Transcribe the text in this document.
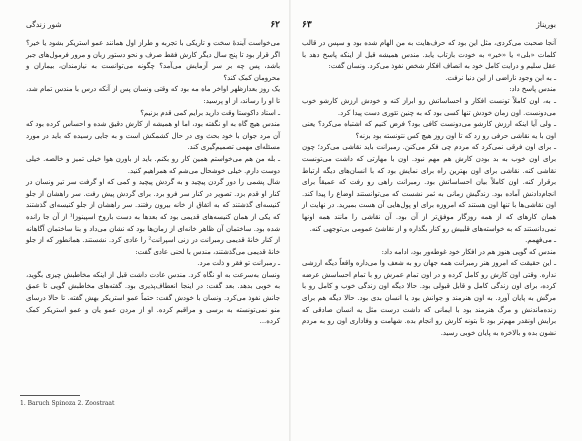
۶۲
شور زندگی

می‌خواست آیندهٔ سخت و تاریکی با تجربه و طراز اول همانند عمو استریکر بشود یا خیر؟ اگر قرار بود تا پنج سال دیگر کارش فقط صرف و نحو دستور زبان و مرور فرمول‌های جبر باشد، پس چه بر سر آزمایش می‌آمد؟ چگونه می‌توانست به نیازمندان، بیماران و محرومان کمک کند؟

یک روز بعدازظهر اواخر ماه مه بود که وقتی ونسان پس از آنکه درس با مندس تمام شد، تا او را رساند، از او پرسید:

ـ استاد داکوستا وقت دارید برایم کمی قدم بزنیم؟

مندس هیچ گاه به او نگفته بود، اما او همیشه از کارش دقیق شده و احساس کرده بود که آن مرد جوان با خود بحث وی در حال کشمکش است و به جایی رسیده که باید در مورد مسئله‌ای مهمی تصمیم‌گیری کند.

ـ بله من هم می‌خواستم همین کار رو بکنم. باید از باورن هوا خیلی تمیز و خالصه. خیلی دوست دارم. خیلی خوشحال می‌شم که همراهیم کنید.

شال پشمی را دور گردن پیچید و به گردش پیچید و کمی که او گرفت سر تیر ونسان در کنار او قدم بزد. تصویر در کنار سر فرو برد. برای گردش پیش رفت. سر راهشان از جلو کنیسه‌ای گذشتند که به اتفاق از خانه بیرون رفتند. سر راهشان از جلو کنیسه‌ای گذشتند که یکی از همان کنیسه‌های قدیمی بود که بعدها به دست باروخ اسپینوزا¹ از آن جا رانده شده بود. ساختمان آن ظاهر خانه‌ای از زمان‌ها بود که نشان می‌داد و بنا ساختمان آگاهانه از کنار خانهٔ قدیمی رمبرانت در زنی اسپرانت² را عادی کرد. نشستند. همانطور که از جلو خانهٔ قدیمی می‌گذشتند، مندس با لحنی عادی گفت:

ـ رمبرانت تو فقر و ذلت مرد.

ونسان به‌سرعت به او نگاه کرد. مندس عادت داشت قبل از اینکه مخاطبش چیزی بگوید، به خوبی بدهد. بعد گفت: در اینجا انعطاف‌پذیری بود. گفته‌های مخاطبش گویی تا عمق جانش نفوذ می‌کرد. ونسان با خودش گفت: حتماً عمو استریکر بهش گفته. تا حالا درسای منو نمی‌تونسته به برسی و مراقبم کرده. او از مردن عمو یان و عمو استریکر کمک کرده...

1. Baruch Spinoza 2. Zoostraat
بوریناژ
۶۳

آنجا صحبت می‌کردی، مثل این بود که حرف‌هایت به من الهام شده بود و سپس در قالب کلمات «بلی» یا «خیر» به خودت بازتاب یابد. مندس همیشه قبل از اینکه پاسخ دهد با عقل سلیم و درایت کامل خود به انصاف افکار شخص نفوذ می‌کرد. ونسان گفت:

ـ به این وجود ناراضی از این دنیا نرفت.

مندس پاسخ داد:

ـ به، اون کاملاً تونست افکار و احساساتش رو ابراز کنه و خودش ارزش کارشو خوب می‌دونست. اون زمان خودش تنها کسی بود که به چنین تئوری دست پیدا کرد.

ـ ولی آیا اینکه ارزش کارشو می‌دونست کافی بود؟ فرض کنیم که اشتباه می‌کرد؟ یعنی اون با یه نقاشی حرفی رو زد که تا اون روز هیچ کس نتونسته بود بزنه؟

ـ برای اون فرقی نمی‌کرد که مردم چی فکر می‌کنن. رمبرانت باید نقاشی می‌کرد؛ چون برای اون خوب به بد بودن کارش هم مهم نبود. اون با مهارتی که داشت می‌تونست نقاشی کنه. نقاشی برای اون بهترین راه برای نمایش بود که با انسان‌های دیگه ارتباط برقرار کنه. اون کاملاً بیان احساساتش بود. رمبرانت راهی رو رفت که عمیقاً برای انجام‌دادنش آماده بود. زندگیش زمانی به ثمر نشست که می‌توانستند اوضاع را پیدا کند. اون نقاشی‌ها با تنها اون هستند که امروزه برای او پول‌هایی آن هست بمیرید. در نهایت از همان کار‌های که از همه روزگار موفق‌تر از آن بود. آن نقاشی را مانند همه اونها نمی‌دانستند که به خواسته‌های قلبیش رو کنار بگذاره و از نقاشیٔ عمومی بی‌توجهی کنه.

ـ می‌فهمم.

مندس که گویی هنوز هم در افکار خود غوطه‌ور بود، ادامه داد:

ـ این حقیقت که امروز هنر رمبرانت همه جهان رو به شعف وا می‌داره واقعاً دیگه ارزشی نداره. وقتی اون کارش رو کامل کرده و در اون تمام عمرش رو با تمام احساسش عرضه کرده، برای اون زندگی کامل و قابل قبولی بود. حالا دیگه اون زندگی خوب و کامل رو با مرگش به پایان آورد. به اون هنرمند و جوانش بود یا انسان بدی بود. حالا دیگه هم برای زنده‌ماندنش و مرگ هنرمند بود با ایمانی که داشت درست مثل یه انسان صادقی که برایش اونقدر مهم‌تر بود تا بتونه کارش رو انجام بده. شهامت و وفاداری اون رو به مردم نشون بده و بالاخره به پایان خوبی رسید.
